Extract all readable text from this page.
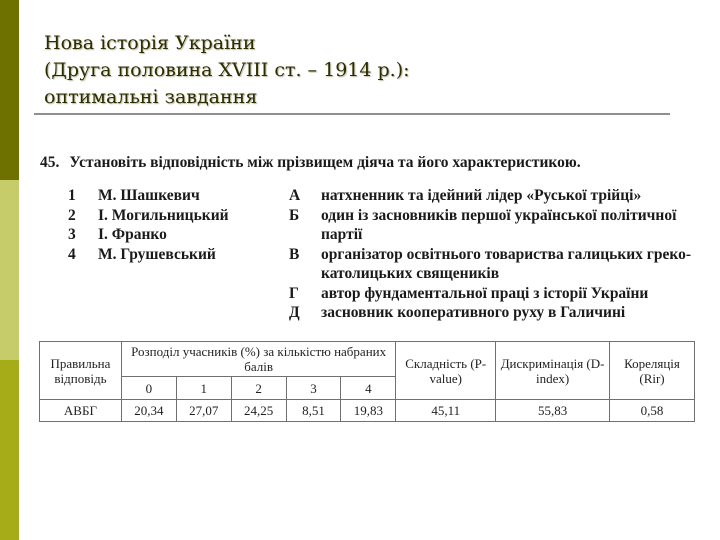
Нова історія України
(Друга половина XVIII ст. – 1914 р.):
оптимальні завдання
45. Установіть відповідність між прізвищем діяча та його характеристикою.
1 М. Шашкевич
2 І. Могильницький
3 І. Франко
4 М. Грушевський
А	натхненник та ідейний лідер «Руської трійці»
Б	один із засновників першої української політичної партії
В	організатор освітнього товариства галицьких греко-католицьких священиків
Г	автор фундаментальної праці з історії України
Д	засновник кооперативного руху в Галичині
Правильна відповідь	Розподіл учасників (%) за кількістю набраних балів					Складність (P-value)	Дискримінація (D-index)	Кореляція (Rir)
	0	1	2	3	4			
АВБГ	20,34	27,07	24,25	8,51	19,83	45,11	55,83	0,58
